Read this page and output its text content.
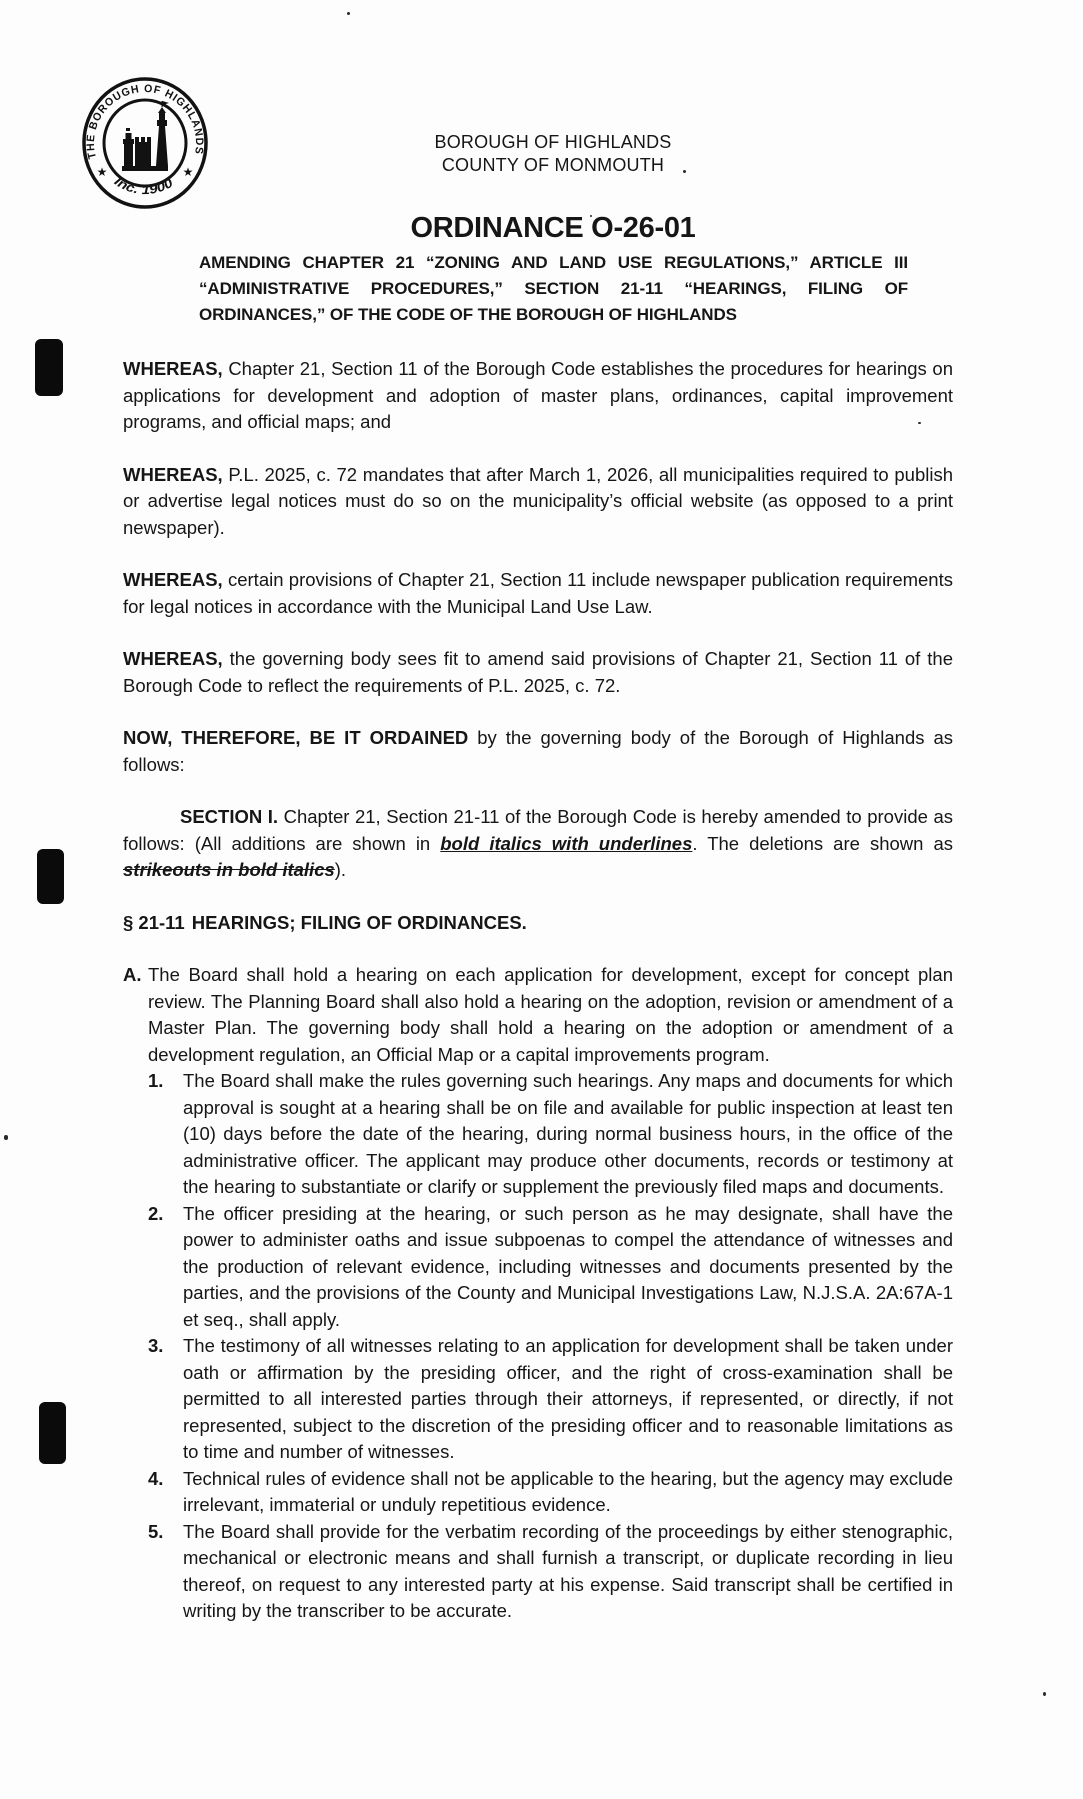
THE BOROUGH OF HIGHLANDS
Inc. 1900
★	★
BOROUGH OF HIGHLANDS
COUNTY OF MONMOUTH
ORDINANCE O-26-01
AMENDING CHAPTER 21 “ZONING AND LAND USE REGULATIONS,” ARTICLE III “ADMINISTRATIVE PROCEDURES,” SECTION 21-11 “HEARINGS, FILING OF ORDINANCES,” OF THE CODE OF THE BOROUGH OF HIGHLANDS

WHEREAS, Chapter 21, Section 11 of the Borough Code establishes the procedures for hearings on applications for development and adoption of master plans, ordinances, capital improvement programs, and official maps; and

WHEREAS, P.L. 2025, c. 72 mandates that after March 1, 2026, all municipalities required to publish or advertise legal notices must do so on the municipality’s official website (as opposed to a print newspaper).

WHEREAS, certain provisions of Chapter 21, Section 11 include newspaper publication requirements for legal notices in accordance with the Municipal Land Use Law.

WHEREAS, the governing body sees fit to amend said provisions of Chapter 21, Section 11 of the Borough Code to reflect the requirements of P.L. 2025, c. 72.

NOW, THEREFORE, BE IT ORDAINED by the governing body of the Borough of Highlands as follows:

SECTION I. Chapter 21, Section 21-11 of the Borough Code is hereby amended to provide as follows: (All additions are shown in bold italics with underlines. The deletions are shown as strikeouts in bold italics).

§ 21-11 HEARINGS; FILING OF ORDINANCES.

A. The Board shall hold a hearing on each application for development, except for concept plan review. The Planning Board shall also hold a hearing on the adoption, revision or amendment of a Master Plan. The governing body shall hold a hearing on the adoption or amendment of a development regulation, an Official Map or a capital improvements program.
1. The Board shall make the rules governing such hearings. Any maps and documents for which approval is sought at a hearing shall be on file and available for public inspection at least ten (10) days before the date of the hearing, during normal business hours, in the office of the administrative officer. The applicant may produce other documents, records or testimony at the hearing to substantiate or clarify or supplement the previously filed maps and documents.
2. The officer presiding at the hearing, or such person as he may designate, shall have the power to administer oaths and issue subpoenas to compel the attendance of witnesses and the production of relevant evidence, including witnesses and documents presented by the parties, and the provisions of the County and Municipal Investigations Law, N.J.S.A. 2A:67A-1 et seq., shall apply.
3. The testimony of all witnesses relating to an application for development shall be taken under oath or affirmation by the presiding officer, and the right of cross-examination shall be permitted to all interested parties through their attorneys, if represented, or directly, if not represented, subject to the discretion of the presiding officer and to reasonable limitations as to time and number of witnesses.
4. Technical rules of evidence shall not be applicable to the hearing, but the agency may exclude irrelevant, immaterial or unduly repetitious evidence.
5. The Board shall provide for the verbatim recording of the proceedings by either stenographic, mechanical or electronic means and shall furnish a transcript, or duplicate recording in lieu thereof, on request to any interested party at his expense. Said transcript shall be certified in writing by the transcriber to be accurate.
